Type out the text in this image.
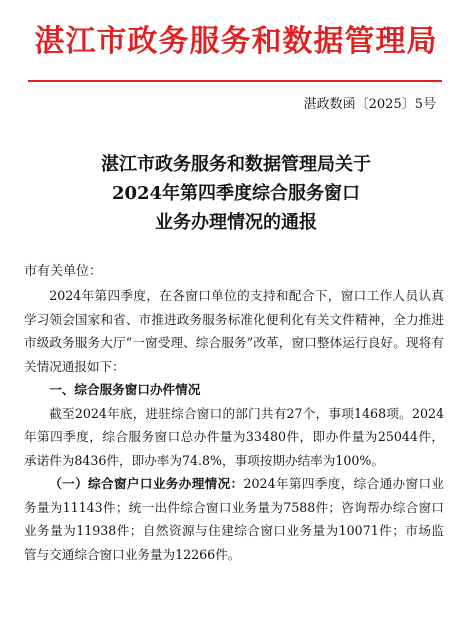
湛江市政务服务和数据管理局
湛政数函〔2025〕5号
湛江市政务服务和数据管理局关于
2024年第四季度综合服务窗口
业务办理情况的通报
市有关单位：

2024年第四季度，在各窗口单位的支持和配合下，窗口工作人员认真学习领会国家和省、市推进政务服务标准化便利化有关文件精神，全力推进市级政务服务大厅“一窗受理、综合服务”改革，窗口整体运行良好。现将有关情况通报如下：

一、综合服务窗口办件情况

截至2024年底，进驻综合窗口的部门共有27个，事项1468项。2024年第四季度，综合服务窗口总办件量为33480件，即办件量为25044件，承诺件为8436件，即办率为74.8%，事项按期办结率为100%。

（一）综合窗户口业务办理情况：2024年第四季度，综合通办窗口业务量为11143件；统一出件综合窗口业务量为7588件；咨询帮办综合窗口业务量为11938件；自然资源与住建综合窗口业务量为10071件；市场监管与交通综合窗口业务量为12266件。
